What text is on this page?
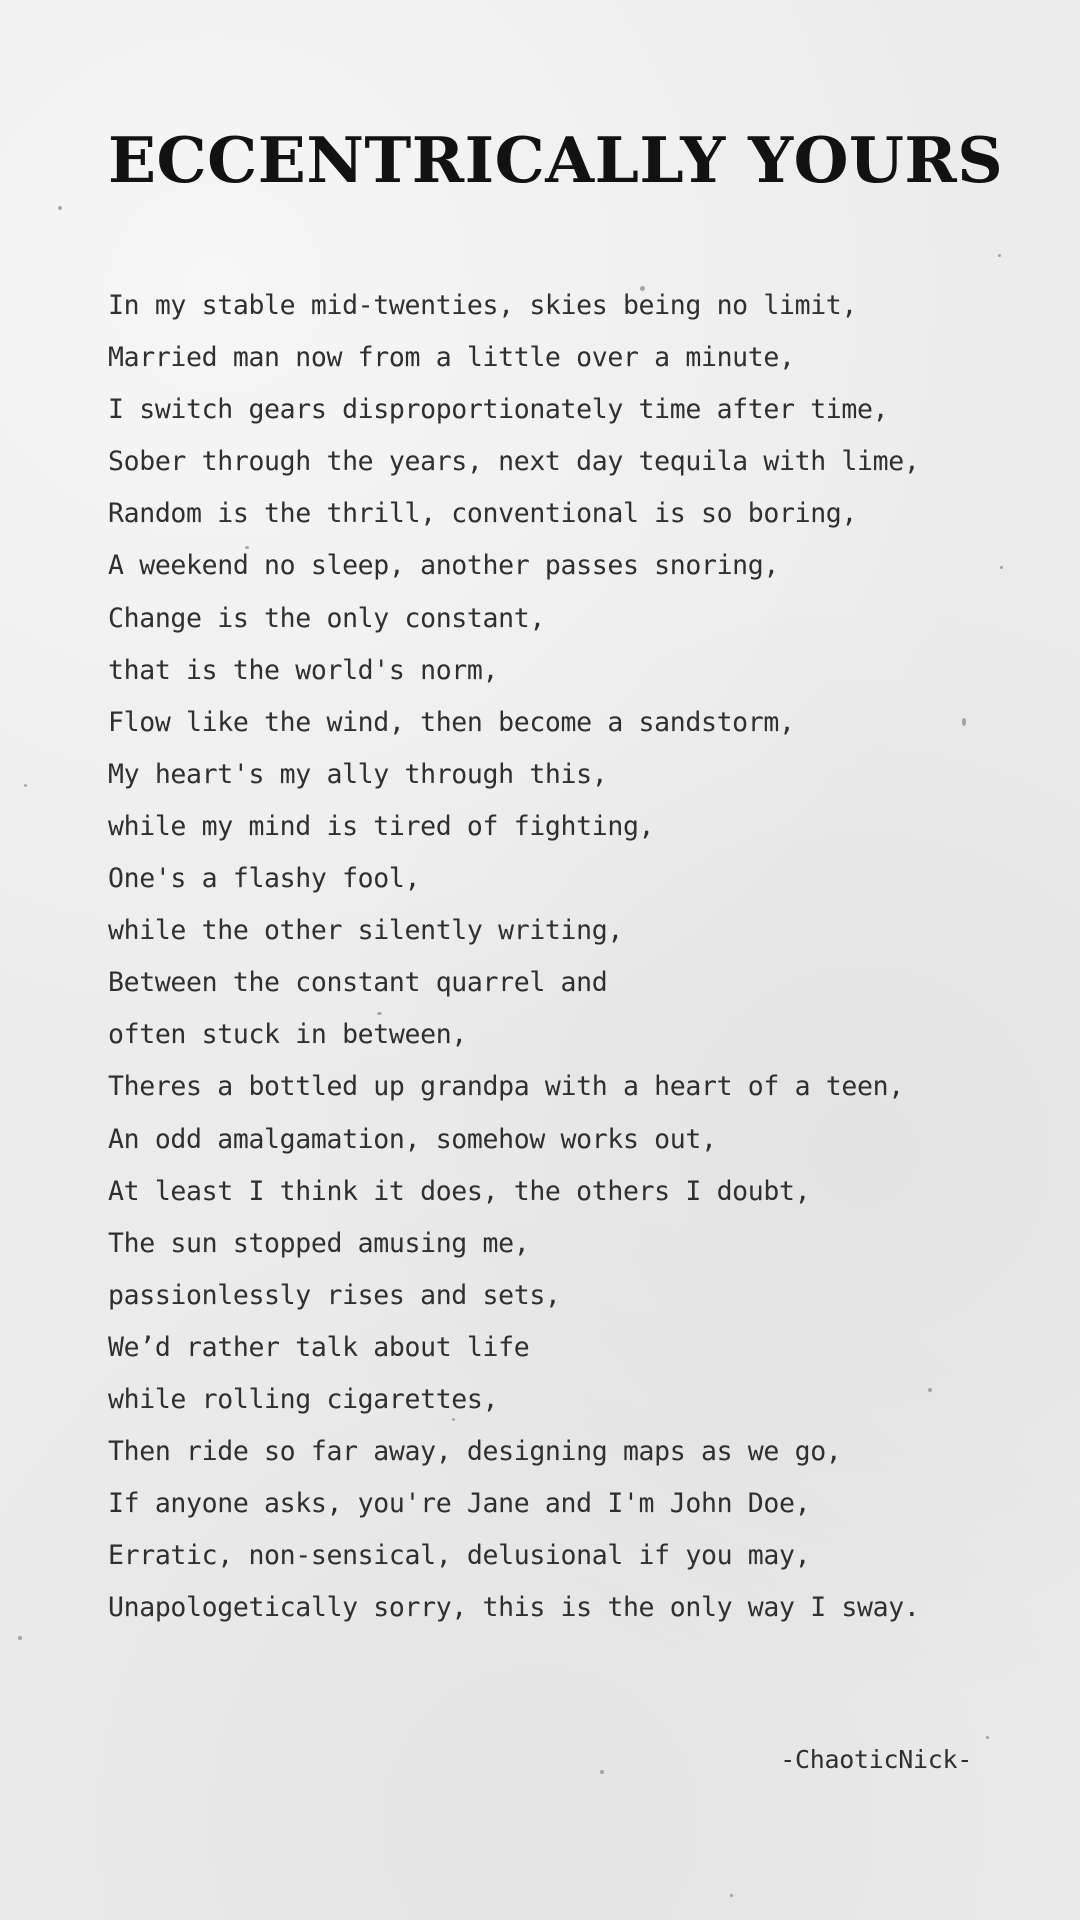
ECCENTRICALLY YOURS
In my stable mid-twenties, skies being no limit,
Married man now from a little over a minute,
I switch gears disproportionately time after time,
Sober through the years, next day tequila with lime,
Random is the thrill, conventional is so boring,
A weekend no sleep, another passes snoring,
Change is the only constant,
that is the world's norm,
Flow like the wind, then become a sandstorm,
My heart's my ally through this,
while my mind is tired of fighting,
One's a flashy fool,
while the other silently writing,
Between the constant quarrel and
often stuck in between,
Theres a bottled up grandpa with a heart of a teen,
An odd amalgamation, somehow works out,
At least I think it does, the others I doubt,
The sun stopped amusing me,
passionlessly rises and sets,
We’d rather talk about life
while rolling cigarettes,
Then ride so far away, designing maps as we go,
If anyone asks, you're Jane and I'm John Doe,
Erratic, non-sensical, delusional if you may,
Unapologetically sorry, this is the only way I sway.
-ChaoticNick-
